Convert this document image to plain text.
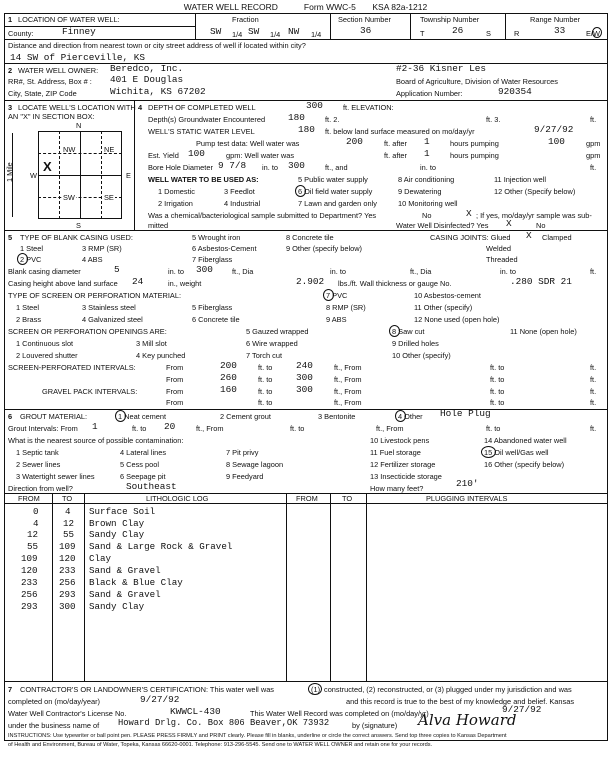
WATER WELL RECORD	Form WWC-5 KSA 82a-1212
1 LOCATION OF WATER WELL:
County:	Finney
Fraction
SW 1/4 SW 1/4 NW 1/4
Section Number
36
Township Number
T	26	S
Range Number
R	33	E/W
Distance and direction from nearest town or city street address of well if located within city?
14 SW of Pierceville, KS
2 WATER WELL OWNER: Beredco, Inc.
RR#, St. Address, Box # : 401 E Douglas
City, State, ZIP Code	Wichita, KS 67202
#2-36 Kisner Les
Board of Agriculture, Division of Water Resources
Application Number:	920354
3 LOCATE WELL'S LOCATION WITH
AN "X" IN SECTION BOX:
N
S
W	E
NW	NE
SW	SE
X
1 Mile
4 DEPTH OF COMPLETED WELL	300	ft. ELEVATION:
Depth(s) Groundwater Encountered 180	ft. 2.	ft. 3.	ft.
WELL'S STATIC WATER LEVEL	180 ft. below land surface measured on mo/day/yr	9/27/92
Pump test data: Well water was	200	ft. after 1	hours pumping	100	gpm
Est. Yield 100	gpm: Well water was	ft. after 1	hours pumping	gpm
Bore Hole Diameter 9 7/8 in. to 300	ft., and	in. to	ft.
WELL WATER TO BE USED AS:
1 Domestic
2 Irrigation
3 Feedlot
4 Industrial
5 Public water supply
6 Oil field water supply
7 Lawn and garden only
8 Air conditioning
9 Dewatering
10 Monitoring well
11 Injection well
12 Other (Specify below)
Was a chemical/bacteriological sample submitted to Department? Yes	No	X ; If yes, mo/day/yr sample was sub-
mitted	Water Well Disinfected? Yes X	No
5 TYPE OF BLANK CASING USED:
1 Steel
2 PVC
3 RMP (SR)
4 ABS
5 Wrought iron
6 Asbestos-Cement
7 Fiberglass
8 Concrete tile
9 Other (specify below)
CASING JOINTS: Glued X Clamped
Welded
Threaded
Blank casing diameter	5	in. to 300	ft., Dia	in. to	ft., Dia	in. to	ft.
Casing height above land surface 24	in., weight	2.902 lbs./ft. Wall thickness or gauge No.	.280 SDR 21
TYPE OF SCREEN OR PERFORATION MATERIAL:
1 Steel
2 Brass
3 Stainless steel
4 Galvanized steel
5 Fiberglass
6 Concrete tile
7 PVC
8 RMP (SR)
9 ABS
10 Asbestos-cement
11 Other (specify)
12 None used (open hole)
SCREEN OR PERFORATION OPENINGS ARE:
1 Continuous slot
2 Louvered shutter
3 Mill slot
4 Key punched
5 Gauzed wrapped
6 Wire wrapped
7 Torch cut
8 Saw cut
9 Drilled holes
10 Other (specify)
11 None (open hole)
SCREEN-PERFORATED INTERVALS:	From	200	ft. to	240	ft., From	ft. to	ft.
From	260	ft. to	300	ft., From	ft. to	ft.
GRAVEL PACK INTERVALS:	From	160	ft. to	300	ft., From	ft. to	ft.
From	ft. to	ft., From	ft. to	ft.
6 GROUT MATERIAL:	1 Neat cement	2 Cement grout	3 Bentonite	4 Other Hole Plug
Grout Intervals: From 1	ft. to 20	ft., From	ft. to	ft., From	ft. to	ft.
What is the nearest source of possible contamination:
1 Septic tank
2 Sewer lines
3 Watertight sewer lines
4 Lateral lines
5 Cess pool
6 Seepage pit
7 Pit privy
8 Sewage lagoon
9 Feedyard
10 Livestock pens
11 Fuel storage
12 Fertilizer storage
13 Insecticide storage
14 Abandoned water well
15 Oil well/Gas well
16 Other (specify below)
Direction from well?	Southeast	How many feet?	210'
FROM	TO	LITHOLOGIC LOG	FROM	TO	PLUGGING INTERVALS
0	4 Surface Soil
4	12 Brown Clay
12	55 Sandy Clay
55 109 Sand & Large Rock & Gravel
109 120 Clay
120 233 Sand & Gravel
233 256 Black & Blue Clay
256 293 Sand & Gravel
293 300 Sandy Clay
7 CONTRACTOR'S OR LANDOWNER'S CERTIFICATION: This water well was	(1) constructed, (2) reconstructed, or (3) plugged under my jurisdiction and was
completed on (mo/day/year)	9/27/92	and this record is true to the best of my knowledge and belief. Kansas
Water Well Contractor's License No.	KWWCL-430	This Water Well Record was completed on (mo/day/yr)	9/27/92
under the business name of Howard Drlg. Co. Box 806 Beaver,OK 73932	by (signature) Alva Howard
INSTRUCTIONS: Use typewriter or ball point pen. PLEASE PRESS FIRMLY and PRINT clearly. Please fill in blanks, underline or circle the correct answers. Send top three copies to Kansas Department
of Health and Environment, Bureau of Water, Topeka, Kansas 66620-0001. Telephone: 913-296-5545. Send one to WATER WELL OWNER and retain one for your records.
